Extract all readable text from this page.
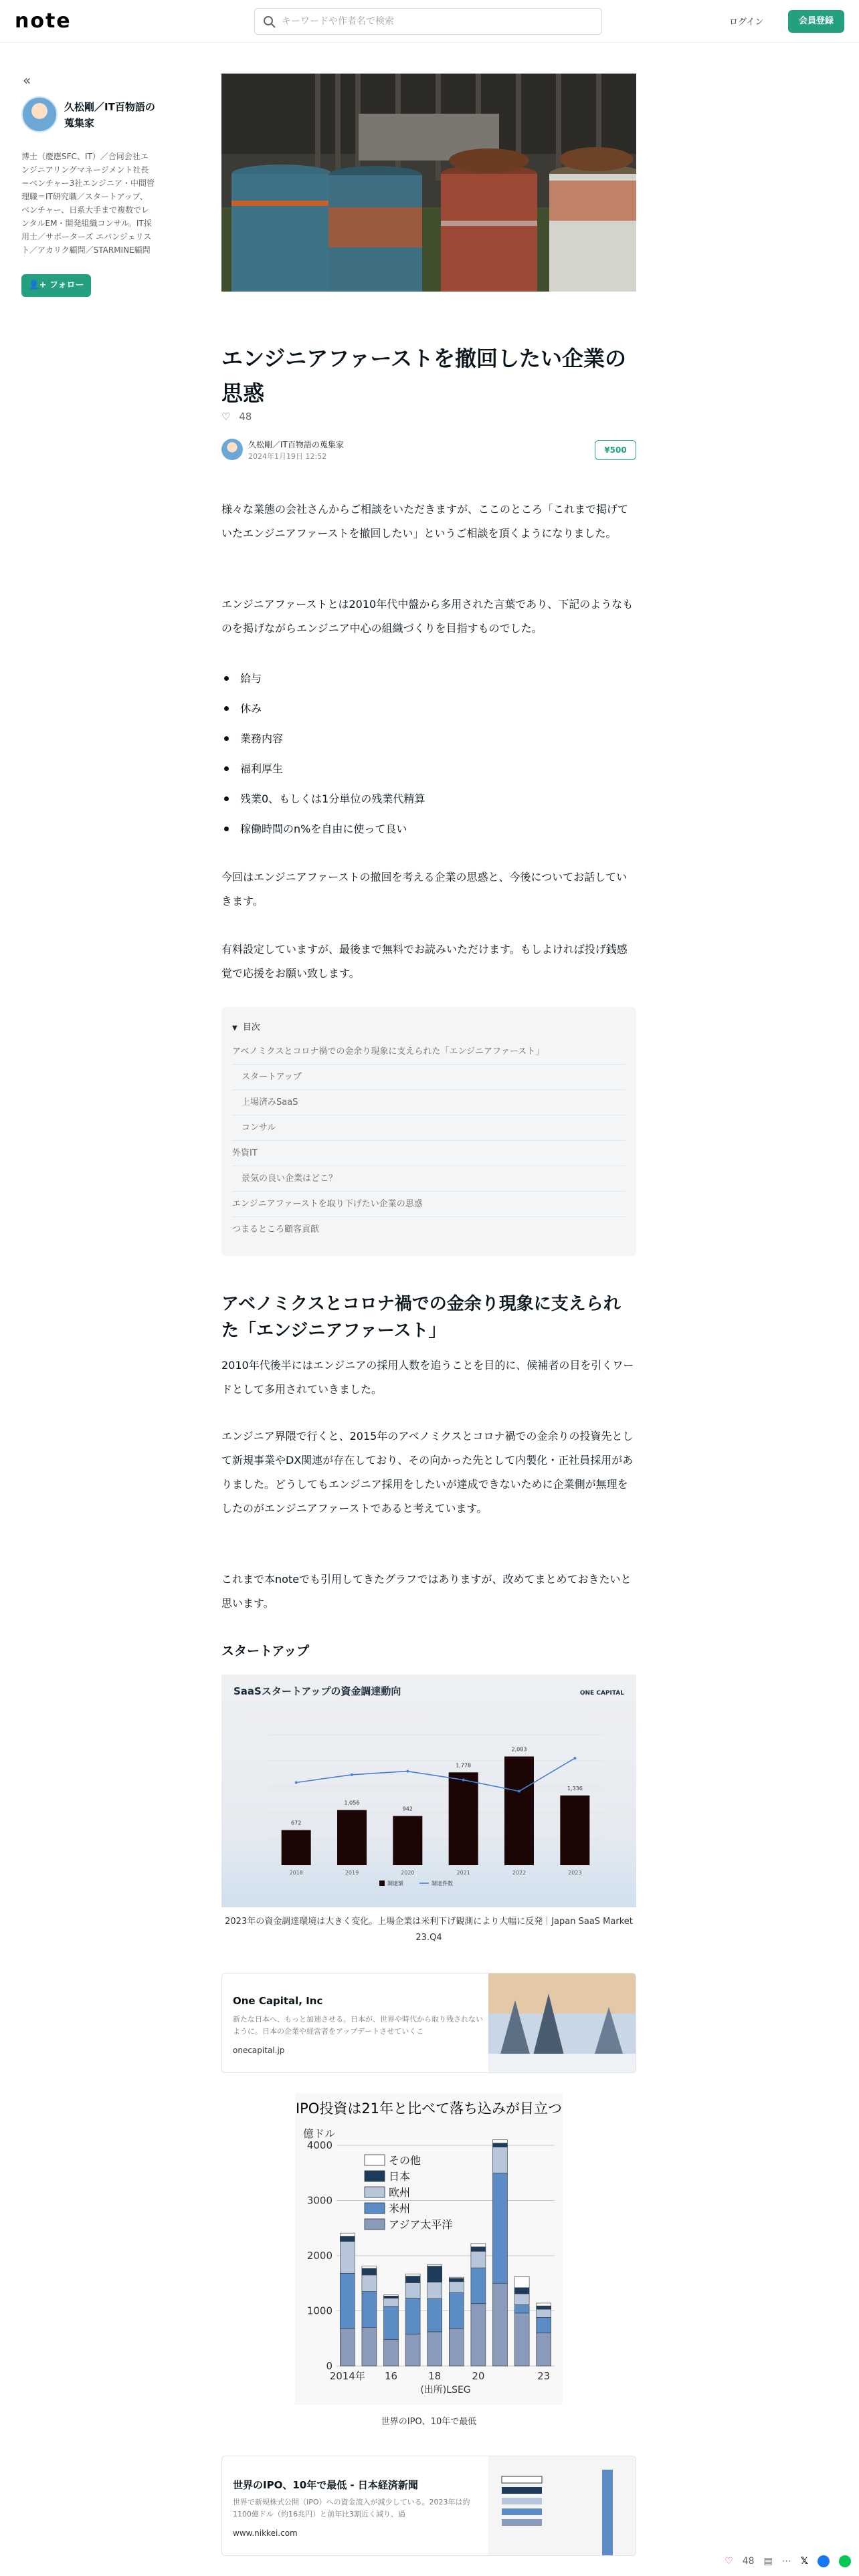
note
キーワードや作者名で検索	ログイン	会員登録
«
久松剛／IT百物語の蒐集家
博士（慶應SFC、IT）／合同会社エンジニアリングマネージメント社長＝ベンチャー3社エンジニア・中間管理職＝IT研究職／スタートアップ、ベンチャー、日系大手まで複数でレンタルEM・開発組織コンサル。IT採用士／サポーターズ エバンジェリスト／アカリク顧問／STARMINE顧問
👤+ フォロー
エンジニアファーストを撤回したい企業の思惑
♡ 48
久松剛／IT百物語の蒐集家
2024年1月19日 12:52
¥500
様々な業態の会社さんからご相談をいただきますが、ここのところ「これまで掲げていたエンジニアファーストを撤回したい」というご相談を頂くようになりました。
エンジニアファーストとは2010年代中盤から多用された言葉であり、下記のようなものを掲げながらエンジニア中心の組織づくりを目指すものでした。
給与
休み
業務内容
福利厚生
残業0、もしくは1分単位の残業代精算
稼働時間のn%を自由に使って良い
今回はエンジニアファーストの撤回を考える企業の思惑と、今後についてお話していきます。
有料設定していますが、最後まで無料でお読みいただけます。もしよければ投げ銭感覚で応援をお願い致します。
▼ 目次
アベノミクスとコロナ禍での金余り現象に支えられた「エンジニアファースト」
スタートアップ
上場済みSaaS
コンサル
外資IT
景気の良い企業はどこ？
エンジニアファーストを取り下げたい企業の思惑
つまるところ顧客貢献
アベノミクスとコロナ禍での金余り現象に支えられた「エンジニアファースト」
2010年代後半にはエンジニアの採用人数を追うことを目的に、候補者の目を引くワードとして多用されていきました。
エンジニア界隈で行くと、2015年のアベノミクスとコロナ禍での金余りの投資先として新規事業やDX関連が存在しており、その向かった先として内製化・正社員採用がありました。どうしてもエンジニア採用をしたいが達成できないために企業側が無理をしたのがエンジニアファーストであると考えています。
これまで本noteでも引用してきたグラフではありますが、改めてまとめておきたいと思います。
スタートアップ
SaaSスタートアップの資金調達動向	ONE CAPITAL
672
2018
1,056
2019
942
2020
1,778
2021
2,083
2022
1,336
2023
調達額	調達件数
2023年の資金調達環境は大きく変化。上場企業は米利下げ観測により大幅に反発｜Japan SaaS Market 23.Q4
One Capital, Inc
新たな日本へ、もっと加速させる。日本が、世界や時代から取り残されないように。日本の企業や経営者をアップデートさせていくこ
onecapital.jp
IPO投資は21年と比べて落ち込みが目立つ
億ドル
0
1000
2000
3000
4000
2014年 16	18	20	23
(出所)LSEG
その他
日本
欧州
米州
アジア太平洋
世界のIPO、10年で最低
世界のIPO、10年で最低 - 日本経済新聞
世界で新規株式公開（IPO）への資金流入が減少している。2023年は約1100億ドル（約16兆円）と前年比3割近く減り、過
www.nikkei.com
♡ 48 ▤ ⋯ 𝕏
